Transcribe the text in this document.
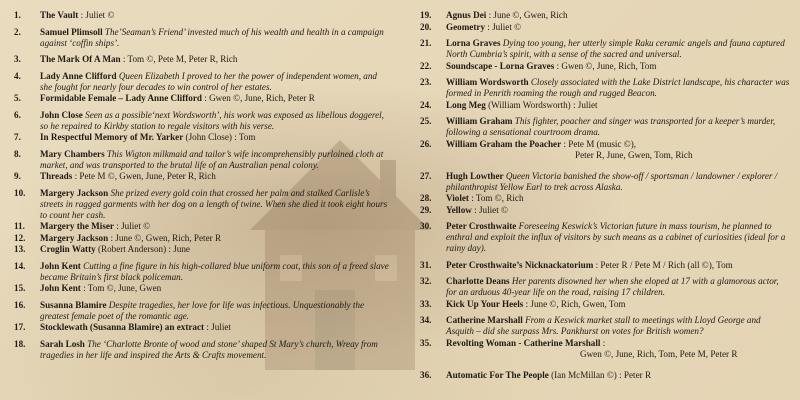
1.	The Vault : Juliet ©
2.	Samuel Plimsoll The’Seaman’s Friend’ invested much of his wealth and health in a campaign against ‘coffin ships’.
3.	The Mark Of A Man : Tom ©, Pete M, Peter R, Rich
4.	Lady Anne Clifford Queen Elizabeth I proved to her the power of independent women, and she fought for nearly four decades to win control of her estates.
5.	Formidable Female – Lady Anne Clifford : Gwen ©, June, Rich, Peter R
6.	John Close Seen as a possible‘next Wordsworth’, his work was exposed as libellous doggerel, so he repaired to Kirkby station to regale visitors with his verse.
7.	In Respectful Memory of Mr. Yarker (John Close) : Tom
8.	Mary Chambers This Wigton milkmaid and tailor’s wife incomprehensibly purloined cloth at market, and was transported to the brutal life of an Australian penal colony.
9.	Threads : Pete M ©, Gwen, June, Peter R, Rich
10.	Margery Jackson She prized every gold coin that crossed her palm and stalked Carlisle’s streets in ragged garments with her dog on a length of twine. When she died it took eight hours to count her cash.
11.	Margery the Miser : Juliet ©
12.	Margery Jackson : June ©, Gwen, Rich, Peter R
13.	Croglin Watty (Robert Anderson) : June
14.	John Kent Cutting a fine figure in his high-collared blue uniform coat, this son of a freed slave became Britain’s first black policeman.
15.	John Kent : Tom ©, June, Gwen
16.	Susanna Blamire Despite tragedies, her love for life was infectious. Unquestionably the greatest female poet of the romantic age.
17.	Stocklewath (Susanna Blamire) an extract : Juliet
18.	Sarah Losh The ‘Charlotte Bronte of wood and stone’ shaped St Mary’s church, Wreay from tragedies in her life and inspired the Arts & Crafts movement.
19.	Agnus Dei : June ©, Gwen, Rich
20.	Geometry : Juliet ©
21.	Lorna Graves Dying too young, her utterly simple Raku ceramic angels and fauna captured North Cumbria’s spirit, with a sense of the sacred and universal.
22.	Soundscape - Lorna Graves : Gwen ©, June, Rich, Tom
23.	William Wordsworth Closely associated with the Lake District landscape, his character was formed in Penrith roaming the rough and rugged Beacon.
24.	Long Meg (William Wordsworth) : Juliet
25.	William Graham This fighter, poacher and singer was transported for a keeper’s murder, following a sensational courtroom drama.
26.	William Graham the Poacher : Pete M (music ©),
Peter R, June, Gwen, Tom, Rich
27.	Hugh Lowther Queen Victoria banished the show-off / sportsman / landowner / explorer / philanthropist Yellow Earl to trek across Alaska.
28.	Violet : Tom ©, Rich
29.	Yellow : Juliet ©
30.	Peter Crosthwaite Foreseeing Keswick’s Victorian future in mass tourism, he planned to enthral and exploit the influx of visitors by such means as a cabinet of curiosities (ideal for a rainy day).
31.	Peter Crosthwaite’s Nicknackatorium : Peter R / Pete M / Rich (all ©), Tom
32.	Charlotte Deans Her parents disowned her when she eloped at 17 with a glamorous actor, for an arduous 40-year life on the road, raising 17 children.
33.	Kick Up Your Heels : June ©, Rich, Gwen, Tom
34.	Catherine Marshall From a Keswick market stall to meetings with Lloyd George and Asquith – did she surpass Mrs. Pankhurst on votes for British women?
35.	Revolting Woman - Catherine Marshall :
Gwen ©, June, Rich, Tom, Pete M, Peter R
36.	Automatic For The People (Ian McMillan ©) : Peter R
